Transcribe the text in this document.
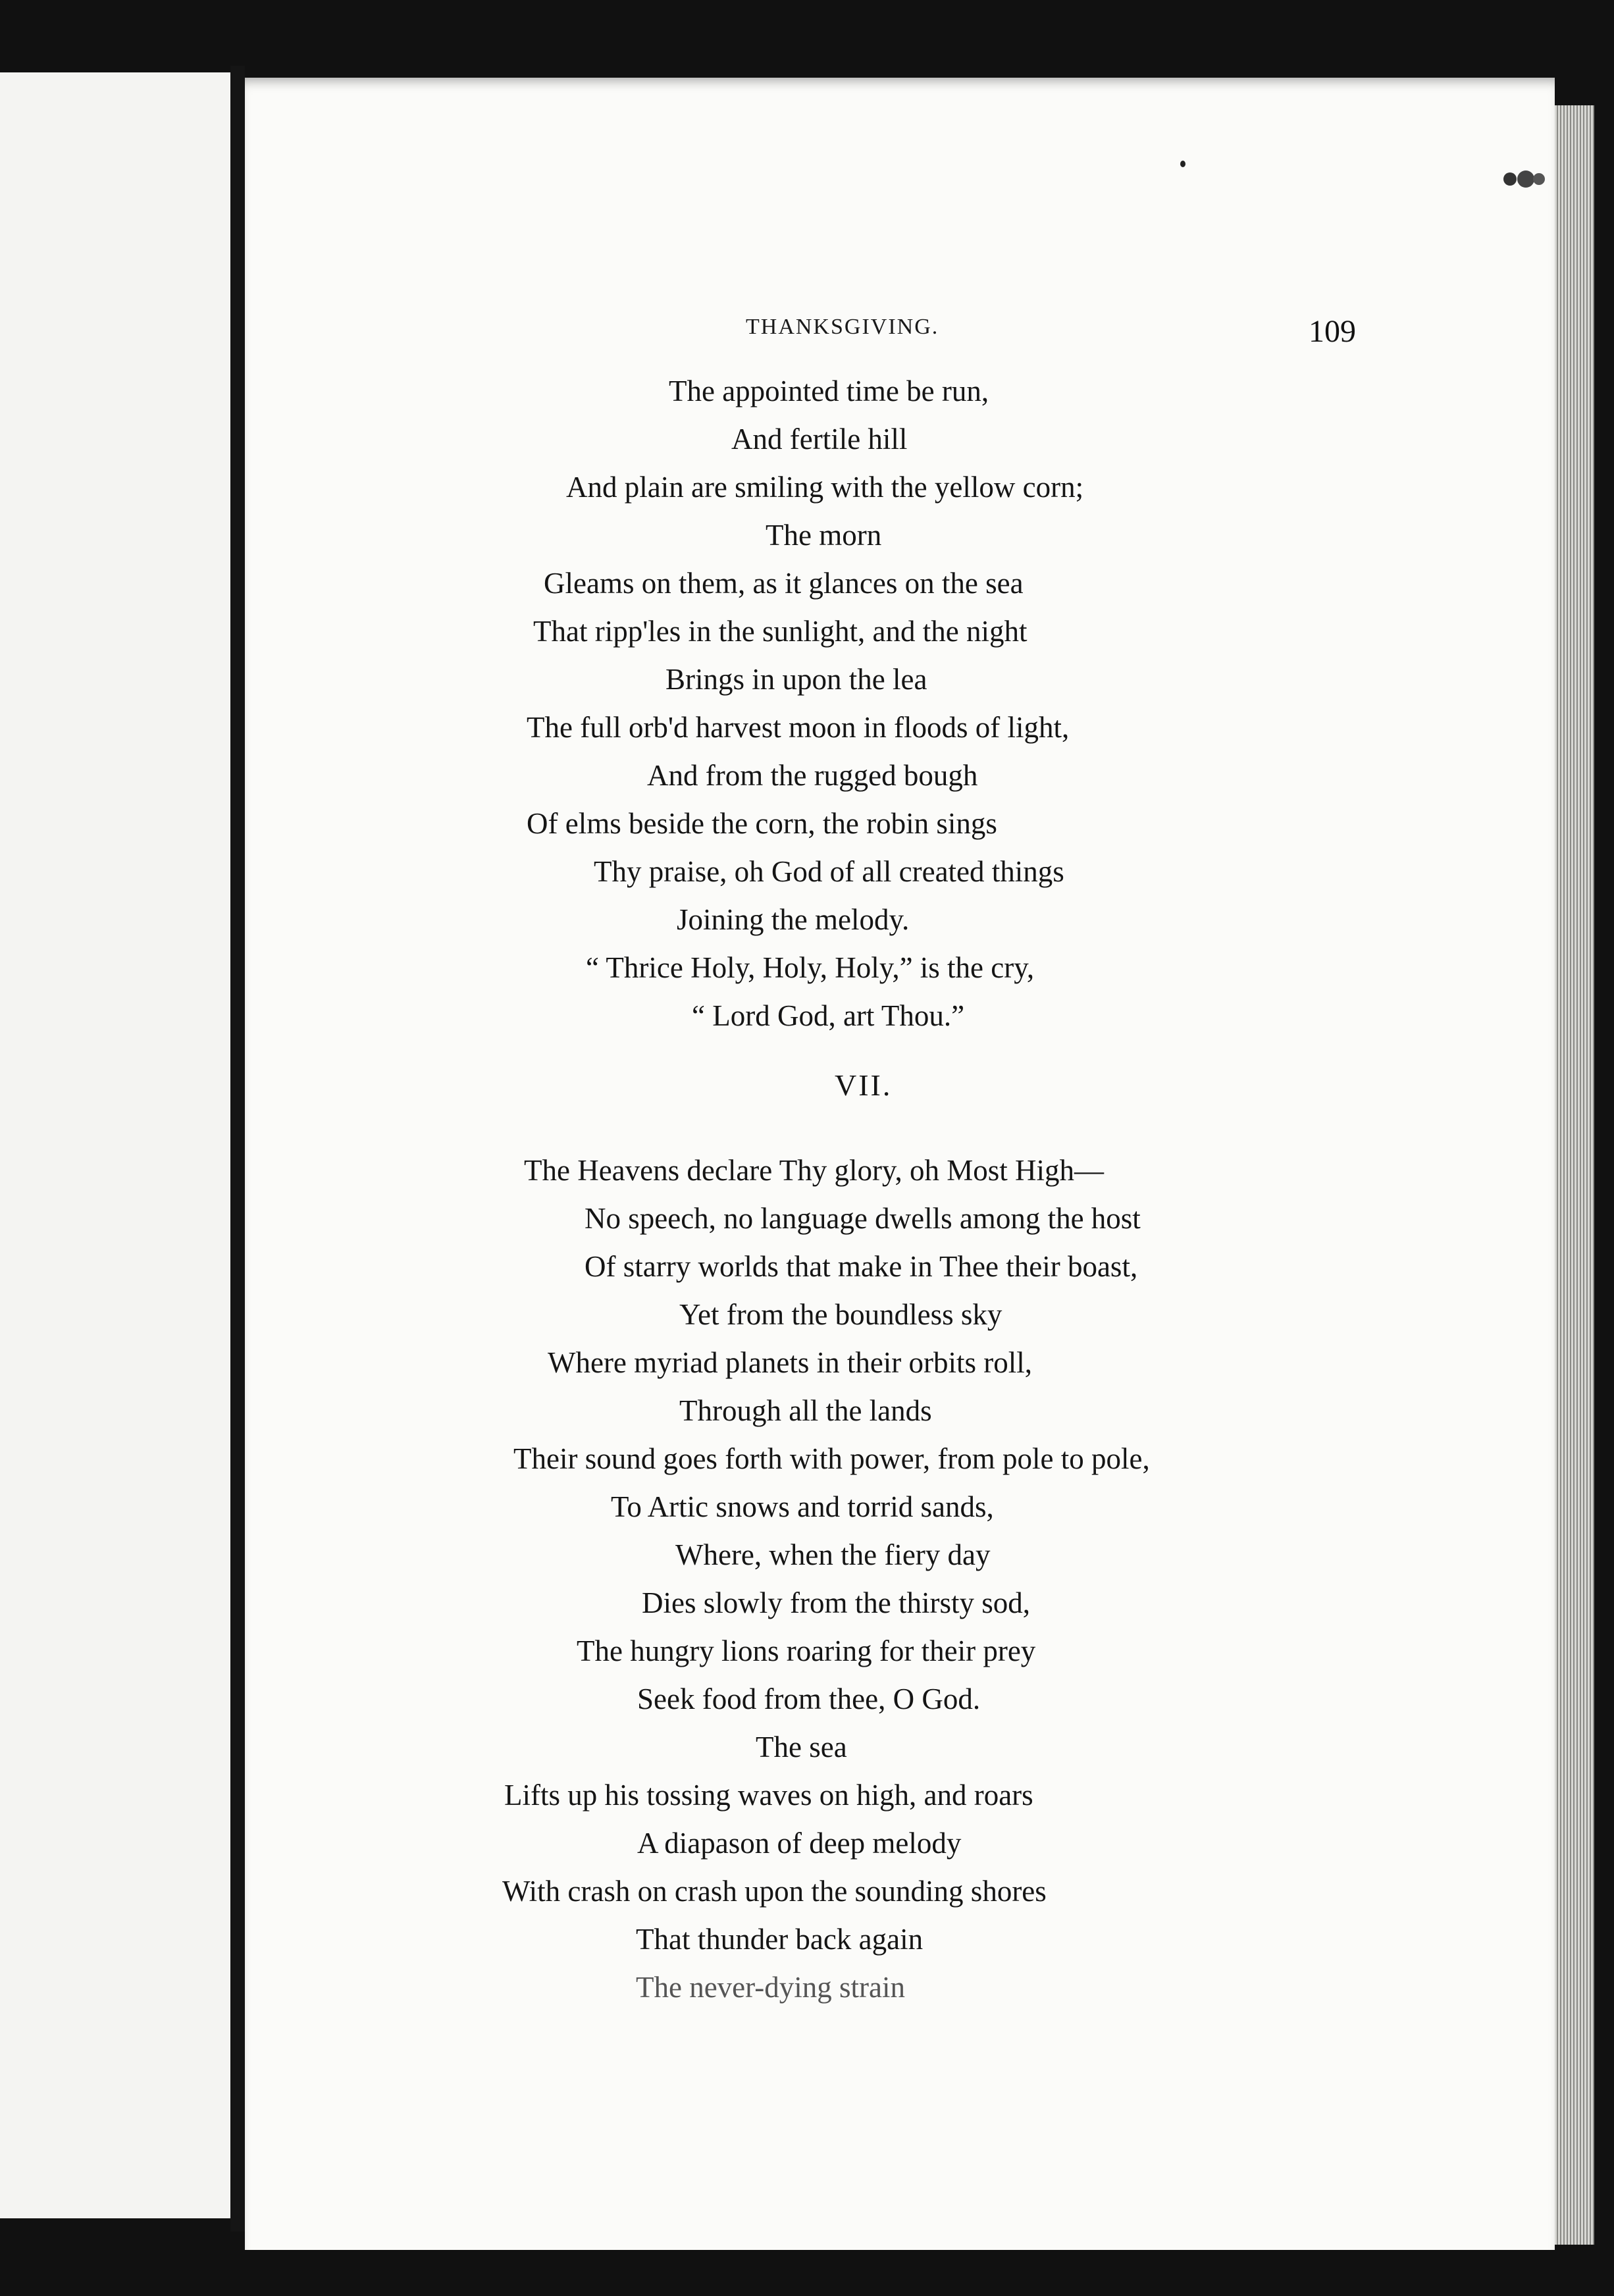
THANKSGIVING.	109
The appointed time be run,
And fertile hill
And plain are smiling with the yellow corn;
The morn
Gleams on them, as it glances on the sea
That ripp'les in the sunlight, and the night
Brings in upon the lea
The full orb'd harvest moon in floods of light,
And from the rugged bough
Of elms beside the corn, the robin sings
Thy praise, oh God of all created things
Joining the melody.
“ Thrice Holy, Holy, Holy,” is the cry,
“ Lord God, art Thou.”
VII.
The Heavens declare Thy glory, oh Most High—
No speech, no language dwells among the host
Of starry worlds that make in Thee their boast,
Yet from the boundless sky
Where myriad planets in their orbits roll,
Through all the lands
Their sound goes forth with power, from pole to pole,
To Artic snows and torrid sands,
Where, when the fiery day
Dies slowly from the thirsty sod,
The hungry lions roaring for their prey
Seek food from thee, O God.
The sea
Lifts up his tossing waves on high, and roars
A diapason of deep melody
With crash on crash upon the sounding shores
That thunder back again
The never-dying strain
